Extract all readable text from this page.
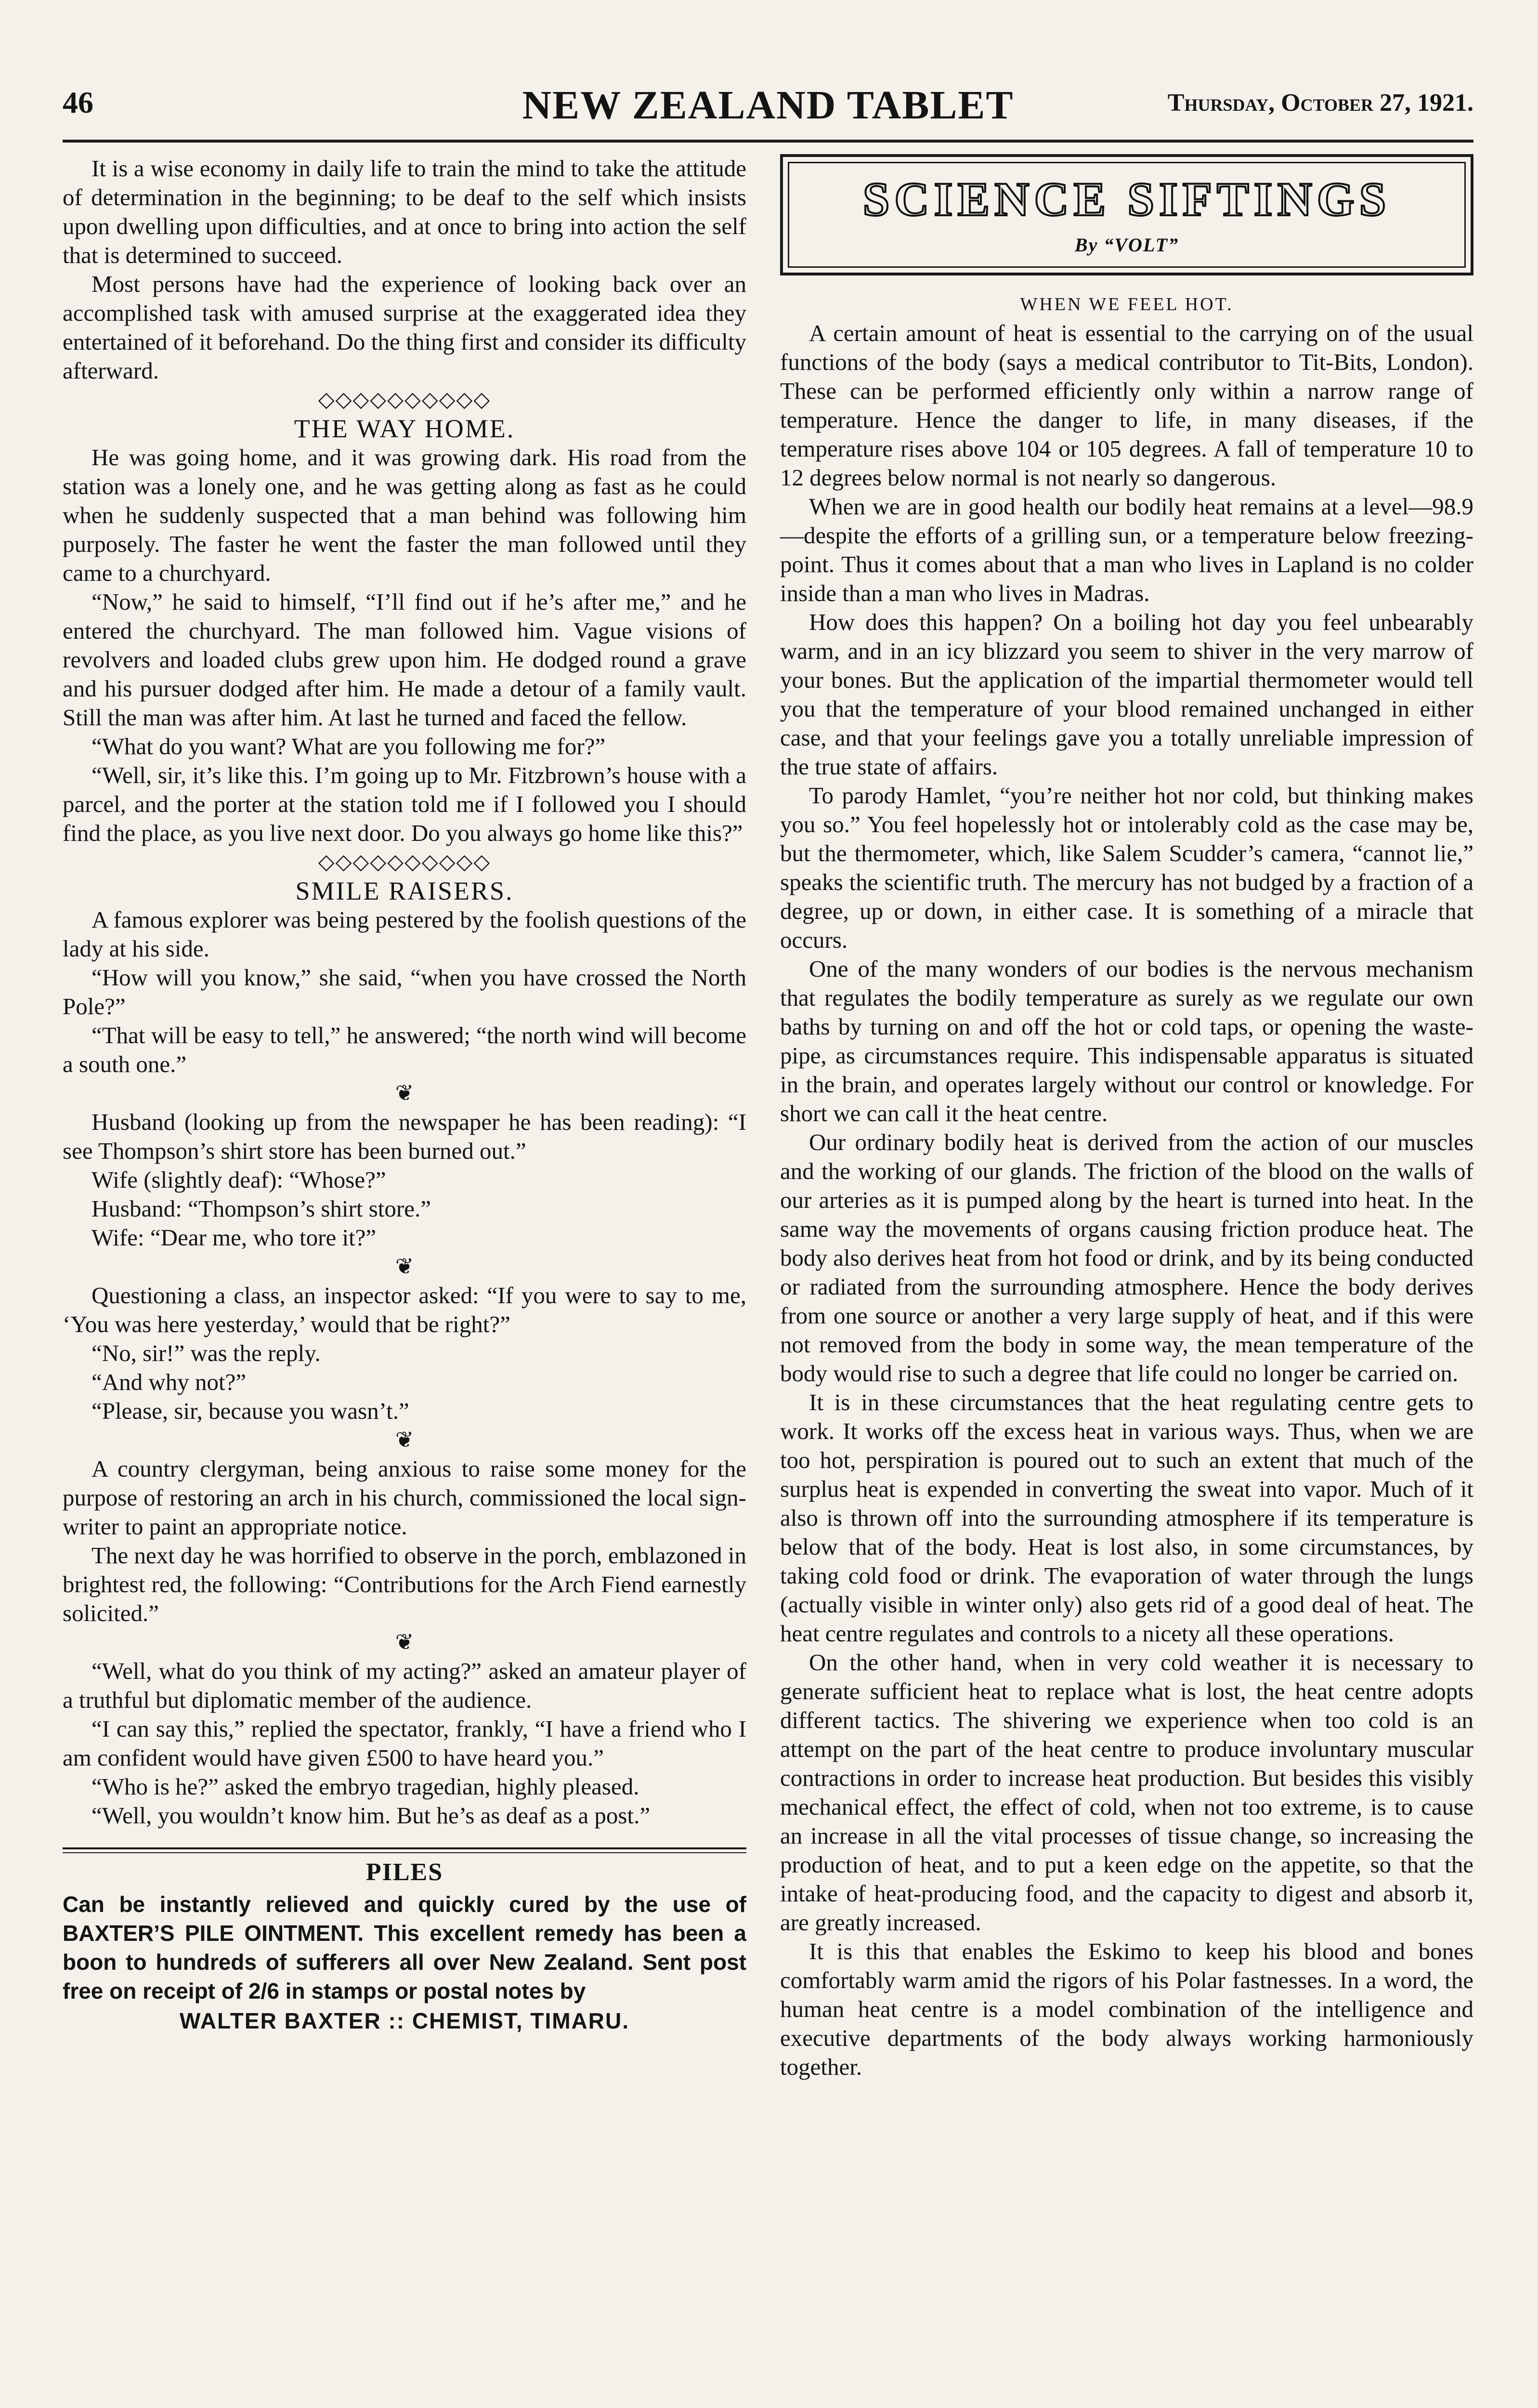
46	NEW ZEALAND TABLET	Thursday, October 27, 1921.

It is a wise economy in daily life to train the mind to take the attitude of determination in the beginning; to be deaf to the self which insists upon dwelling upon difficulties, and at once to bring into action the self that is determined to succeed.

Most persons have had the experience of looking back over an accomplished task with amused surprise at the exaggerated idea they entertained of it beforehand. Do the thing first and consider its difficulty afterward.

◇◇◇◇◇◇◇◇◇◇

THE WAY HOME.

He was going home, and it was growing dark. His road from the station was a lonely one, and he was getting along as fast as he could when he suddenly suspected that a man behind was following him purposely. The faster he went the faster the man followed until they came to a churchyard.

“Now,” he said to himself, “I’ll find out if he’s after me,” and he entered the churchyard. The man followed him. Vague visions of revolvers and loaded clubs grew upon him. He dodged round a grave and his pursuer dodged after him. He made a detour of a family vault. Still the man was after him. At last he turned and faced the fellow.

“What do you want? What are you following me for?”

“Well, sir, it’s like this. I’m going up to Mr. Fitzbrown’s house with a parcel, and the porter at the station told me if I followed you I should find the place, as you live next door. Do you always go home like this?”

◇◇◇◇◇◇◇◇◇◇

SMILE RAISERS.

A famous explorer was being pestered by the foolish questions of the lady at his side.

“How will you know,” she said, “when you have crossed the North Pole?”

“That will be easy to tell,” he answered; “the north wind will become a south one.”

❦

Husband (looking up from the newspaper he has been reading): “I see Thompson’s shirt store has been burned out.”

Wife (slightly deaf): “Whose?”

Husband: “Thompson’s shirt store.”

Wife: “Dear me, who tore it?”

❦

Questioning a class, an inspector asked: “If you were to say to me, ‘You was here yesterday,’ would that be right?”

“No, sir!” was the reply.

“And why not?”

“Please, sir, because you wasn’t.”

❦

A country clergyman, being anxious to raise some money for the purpose of restoring an arch in his church, commissioned the local sign-writer to paint an appropriate notice.

The next day he was horrified to observe in the porch, emblazoned in brightest red, the following: “Contributions for the Arch Fiend earnestly solicited.”

❦

“Well, what do you think of my acting?” asked an amateur player of a truthful but diplomatic member of the audience.

“I can say this,” replied the spectator, frankly, “I have a friend who I am confident would have given £500 to have heard you.”

“Who is he?” asked the embryo tragedian, highly pleased.

“Well, you wouldn’t know him. But he’s as deaf as a post.”

PILES

Can be instantly relieved and quickly cured by the use of BAXTER’S PILE OINTMENT. This excellent remedy has been a boon to hundreds of sufferers all over New Zealand. Sent post free on receipt of 2/6 in stamps or postal notes by

WALTER BAXTER :: CHEMIST, TIMARU.
SCIENCE SIFTINGS
By “VOLT”

WHEN WE FEEL HOT.

A certain amount of heat is essential to the carrying on of the usual functions of the body (says a medical contributor to Tit-Bits, London). These can be performed efficiently only within a narrow range of temperature. Hence the danger to life, in many diseases, if the temperature rises above 104 or 105 degrees. A fall of temperature 10 to 12 degrees below normal is not nearly so dangerous.

When we are in good health our bodily heat remains at a level—98.9—despite the efforts of a grilling sun, or a temperature below freezing-point. Thus it comes about that a man who lives in Lapland is no colder inside than a man who lives in Madras.

How does this happen? On a boiling hot day you feel unbearably warm, and in an icy blizzard you seem to shiver in the very marrow of your bones. But the application of the impartial thermometer would tell you that the temperature of your blood remained unchanged in either case, and that your feelings gave you a totally unreliable impression of the true state of affairs.

To parody Hamlet, “you’re neither hot nor cold, but thinking makes you so.” You feel hopelessly hot or intolerably cold as the case may be, but the thermometer, which, like Salem Scudder’s camera, “cannot lie,” speaks the scientific truth. The mercury has not budged by a fraction of a degree, up or down, in either case. It is something of a miracle that occurs.

One of the many wonders of our bodies is the nervous mechanism that regulates the bodily temperature as surely as we regulate our own baths by turning on and off the hot or cold taps, or opening the waste-pipe, as circumstances require. This indispensable apparatus is situated in the brain, and operates largely without our control or knowledge. For short we can call it the heat centre.

Our ordinary bodily heat is derived from the action of our muscles and the working of our glands. The friction of the blood on the walls of our arteries as it is pumped along by the heart is turned into heat. In the same way the movements of organs causing friction produce heat. The body also derives heat from hot food or drink, and by its being conducted or radiated from the surrounding atmosphere. Hence the body derives from one source or another a very large supply of heat, and if this were not removed from the body in some way, the mean temperature of the body would rise to such a degree that life could no longer be carried on.

It is in these circumstances that the heat regulating centre gets to work. It works off the excess heat in various ways. Thus, when we are too hot, perspiration is poured out to such an extent that much of the surplus heat is expended in converting the sweat into vapor. Much of it also is thrown off into the surrounding atmosphere if its temperature is below that of the body. Heat is lost also, in some circumstances, by taking cold food or drink. The evaporation of water through the lungs (actually visible in winter only) also gets rid of a good deal of heat. The heat centre regulates and controls to a nicety all these operations.

On the other hand, when in very cold weather it is necessary to generate sufficient heat to replace what is lost, the heat centre adopts different tactics. The shivering we experience when too cold is an attempt on the part of the heat centre to produce involuntary muscular contractions in order to increase heat production. But besides this visibly mechanical effect, the effect of cold, when not too extreme, is to cause an increase in all the vital processes of tissue change, so increasing the production of heat, and to put a keen edge on the appetite, so that the intake of heat-producing food, and the capacity to digest and absorb it, are greatly increased.

It is this that enables the Eskimo to keep his blood and bones comfortably warm amid the rigors of his Polar fastnesses. In a word, the human heat centre is a model combination of the intelligence and executive departments of the body always working harmoniously together.
